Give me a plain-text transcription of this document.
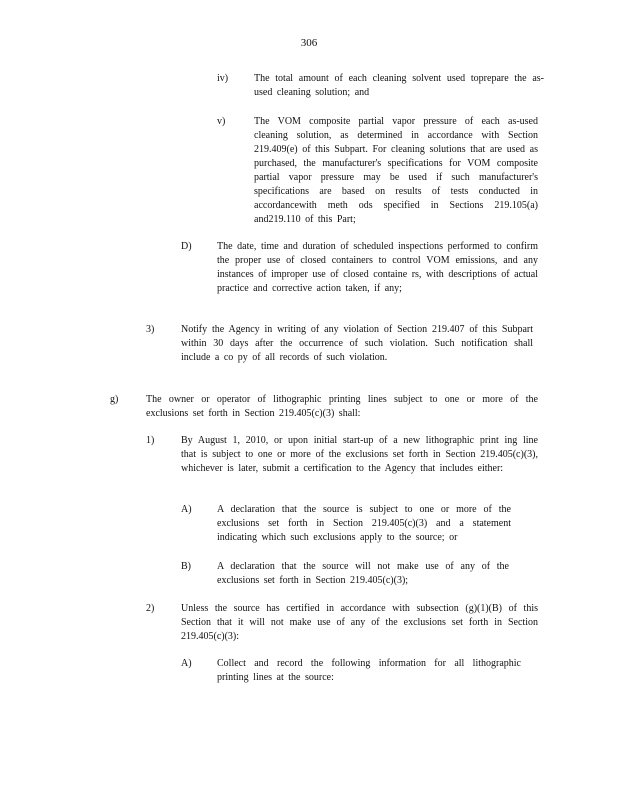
306
iv)	The total amount of each cleaning solvent used toprepare the as-used cleaning solution; and
v)	The VOM composite partial vapor pressure of each as-used cleaning solution, as determined in accordance with Section 219.409(e) of this Subpart. For cleaning solutions that are used as purchased, the manufacturer's specifications for VOM composite partial vapor pressure may be used if such manufacturer's specifications are based on results of tests conducted in accordancewith meth ods specified in Sections 219.105(a) and219.110 of this Part;
D)	The date, time and duration of scheduled inspections performed to confirm the proper use of closed containers to control VOM emissions, and any instances of improper use of closed containe rs, with descriptions of actual practice and corrective action taken, if any;
3)	Notify the Agency in writing of any violation of Section 219.407 of this Subpart within 30 days after the occurrence of such violation. Such notification shall include a co py of all records of such violation.
g)	The owner or operator of lithographic printing lines subject to one or more of the exclusions set forth in Section 219.405(c)(3) shall:
1)	By August 1, 2010, or upon initial start-up of a new lithographic print ing line that is subject to one or more of the exclusions set forth in Section 219.405(c)(3), whichever is later, submit a certification to the Agency that includes either:
A)	A declaration that the source is subject to one or more of the exclusions set forth in Section 219.405(c)(3) and a statement indicating which such exclusions apply to the source; or
B)	A declaration that the source will not make use of any of the exclusions set forth in Section 219.405(c)(3);
2)	Unless the source has certified in accordance with subsection (g)(1)(B) of this Section that it will not make use of any of the exclusions set forth in Section 219.405(c)(3):
A)	Collect and record the following information for all lithographic printing lines at the source:
